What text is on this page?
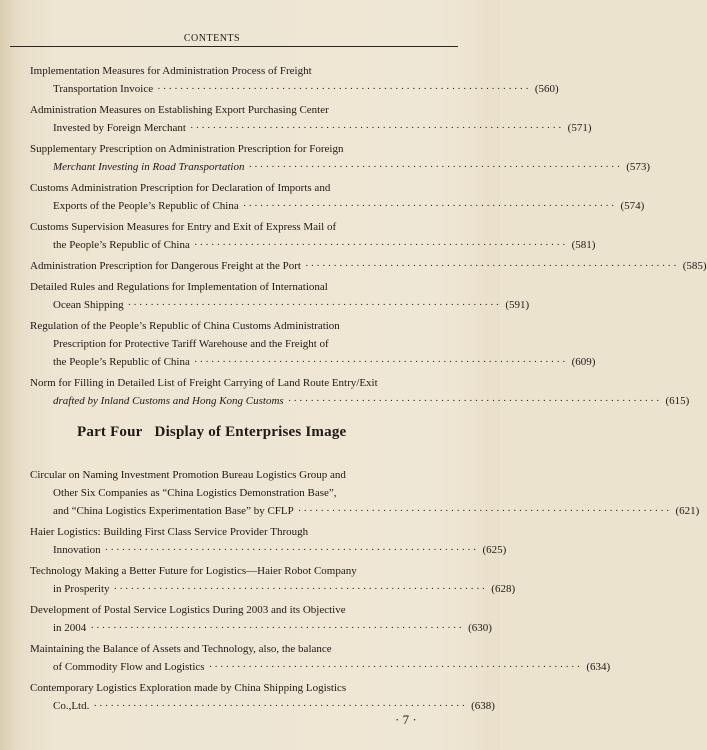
CONTENTS
Implementation Measures for Administration Process of Freight
Transportation Invoice ·································································· (560)
Administration Measures on Establishing Export Purchasing Center
Invested by Foreign Merchant ·································································· (571)
Supplementary Prescription on Administration Prescription for Foreign
Merchant Investing in Road Transportation ·································································· (573)
Customs Administration Prescription for Declaration of Imports and
Exports of the People’s Republic of China ·································································· (574)
Customs Supervision Measures for Entry and Exit of Express Mail of
the People’s Republic of China ·································································· (581)
Administration Prescription for Dangerous Freight at the Port ·································································· (585)
Detailed Rules and Regulations for Implementation of International
Ocean Shipping ·································································· (591)
Regulation of the People’s Republic of China Customs Administration
Prescription for Protective Tariff Warehouse and the Freight of
the People’s Republic of China ·································································· (609)
Norm for Filling in Detailed List of Freight Carrying of Land Route Entry/Exit
drafted by Inland Customs and Hong Kong Customs ·································································· (615)
Part Four Display of Enterprises Image
Circular on Naming Investment Promotion Bureau Logistics Group and
Other Six Companies as “China Logistics Demonstration Base”,
and “China Logistics Experimentation Base” by CFLP ·································································· (621)
Haier Logistics: Building First Class Service Provider Through
Innovation ·································································· (625)
Technology Making a Better Future for Logistics—Haier Robot Company
in Prosperity ·································································· (628)
Development of Postal Service Logistics During 2003 and its Objective
in 2004 ·································································· (630)
Maintaining the Balance of Assets and Technology, also, the balance
of Commodity Flow and Logistics ·································································· (634)
Contemporary Logistics Exploration made by China Shipping Logistics
Co.,Ltd. ·································································· (638)
· 7 ·
